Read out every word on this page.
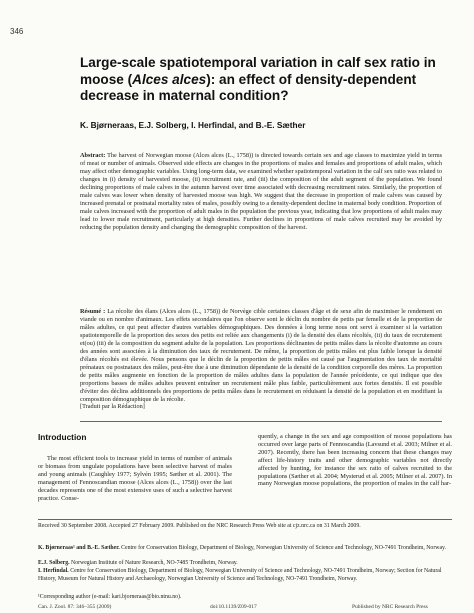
346
Large-scale spatiotemporal variation in calf sex ratio in moose (Alces alces): an effect of density-dependent decrease in maternal condition?
K. Bjørneraas, E.J. Solberg, I. Herfindal, and B.-E. Sæther
Abstract: The harvest of Norwegian moose (Alces alces (L., 1758)) is directed towards certain sex and age classes to maximize yield in terms of meat or number of animals. Observed side effects are changes in the proportions of males and females and proportions of adult males, which may affect other demographic variables. Using long-term data, we examined whether spatiotemporal variation in the calf sex ratio was related to changes in (i) density of harvested moose, (ii) recruitment rate, and (iii) the composition of the adult segment of the population. We found declining proportions of male calves in the autumn harvest over time associated with decreasing recruitment rates. Similarly, the proportion of male calves was lower when density of harvested moose was high. We suggest that the decrease in proportion of male calves was caused by increased prenatal or postnatal mortality rates of males, possibly owing to a density-dependent decline in maternal body condition. Proportion of male calves increased with the proportion of adult males in the population the previous year, indicating that low proportions of adult males may lead to lower male recruitment, particularly at high densities. Further declines in proportions of male calves recruited may be avoided by reducing the population density and changing the demographic composition of the harvest.
Résumé : La récolte des élans (Alces alces (L., 1758)) de Norvège cible certaines classes d'âge et de sexe afin de maximiser le rendement en viande ou en nombre d'animaux. Les effets secondaires que l'on observe sont le déclin du nombre de petits par femelle et de la proportion de mâles adultes, ce qui peut affecter d'autres variables démographiques. Des données à long terme nous ont servi à examiner si la variation spatiotemporelle de la proportion des sexes des petits est reliée aux changements (i) de la densité des élans récoltés, (ii) du taux de recrutement et(ou) (iii) de la composition du segment adulte de la population. Les proportions déclinantes de petits mâles dans la récolte d'automne au cours des années sont associées à la diminution des taux de recrutement. De même, la proportion de petits mâles est plus faible lorsque la densité d'élans récoltés est élevée. Nous pensons que le déclin de la proportion de petits mâles est causé par l'augmentation des taux de mortalité prénataux ou postnataux des mâles, peut-être due à une diminution dépendante de la densité de la condition corporelle des mères. La proportion de petits mâles augmente en fonction de la proportion de mâles adultes dans la population de l'année précédente, ce qui indique que des proportions basses de mâles adultes peuvent entraîner un recrutement mâle plus faible, particulièrement aux fortes densités. Il est possible d'éviter des déclins additionnels des proportions de petits mâles dans le recrutement en réduisant la densité de la population et en modifiant la composition démographique de la récolte.
[Traduit par la Rédaction]
Introduction
The most efficient tools to increase yield in terms of number of animals or biomass from ungulate populations have been selective harvest of males and young animals (Caughley 1977; Sylvén 1995; Sæther et al. 2001). The management of Fennoscandian moose (Alces alces (L., 1758)) over the last decades represents one of the most extensive uses of such a selective harvest practice. Conse-
quently, a change in the sex and age composition of moose populations has occurred over large parts of Fennoscandia (Lavsund et al. 2003; Milner et al. 2007). Recently, there has been increasing concern that these changes may affect life-history traits and other demographic variables not directly affected by hunting, for instance the sex ratio of calves recruited to the populations (Sæther et al. 2004; Mysterud et al. 2005; Milner et al. 2007). In many Norwegian moose populations, the proportion of males in the calf har-
Received 30 September 2008. Accepted 27 February 2009. Published on the NRC Research Press Web site at cjz.nrc.ca on 31 March 2009.
K. Bjørneraas¹ and B.-E. Sæther. Centre for Conservation Biology, Department of Biology, Norwegian University of Science and Technology, NO-7491 Trondheim, Norway.
E.J. Solberg. Norwegian Institute of Nature Research, NO-7485 Trondheim, Norway.
I. Herfindal. Centre for Conservation Biology, Department of Biology, Norwegian University of Science and Technology, NO-7491 Trondheim, Norway; Section for Natural History, Museum for Natural History and Archaeology, Norwegian University of Science and Technology, NO-7491 Trondheim, Norway.
¹Corresponding author (e-mail: kari.bjorneraas@bio.ntnu.no).
Can. J. Zool. 87: 346–355 (2009)	doi:10.1139/Z09-017	Published by NRC Research Press
